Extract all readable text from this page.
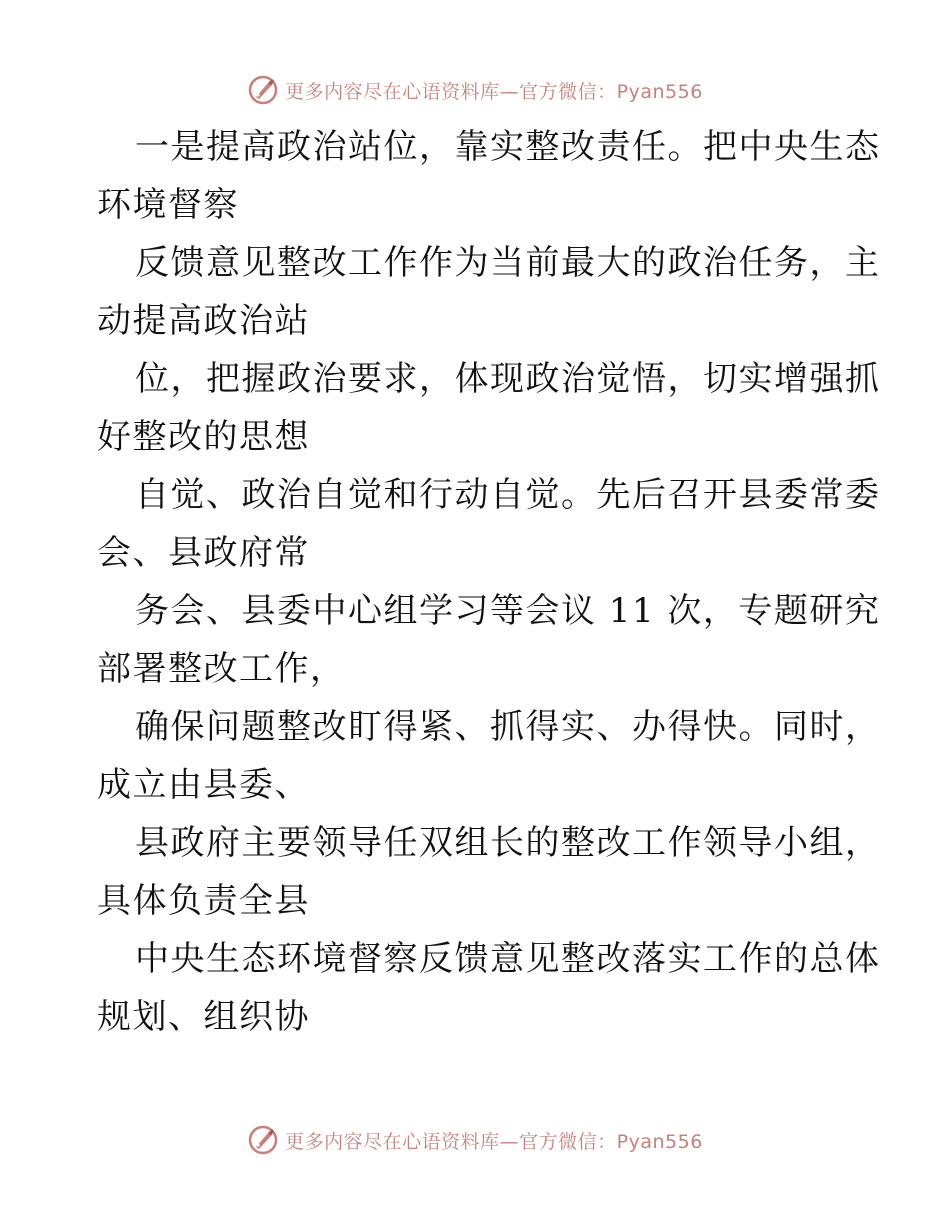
更多内容尽在心语资料库—官方微信：Pyan556

一是提高政治站位，靠实整改责任。把中央生态
环境督察

反馈意见整改工作作为当前最大的政治任务，主
动提高政治站

位，把握政治要求，体现政治觉悟，切实增强抓
好整改的思想

自觉、政治自觉和行动自觉。先后召开县委常委
会、县政府常

务会、县委中心组学习等会议 11 次，专题研究
部署整改工作，

确保问题整改盯得紧、抓得实、办得快。同时，
成立由县委、

县政府主要领导任双组长的整改工作领导小组，
具体负责全县

中央生态环境督察反馈意见整改落实工作的总体
规划、组织协

更多内容尽在心语资料库—官方微信：Pyan556
